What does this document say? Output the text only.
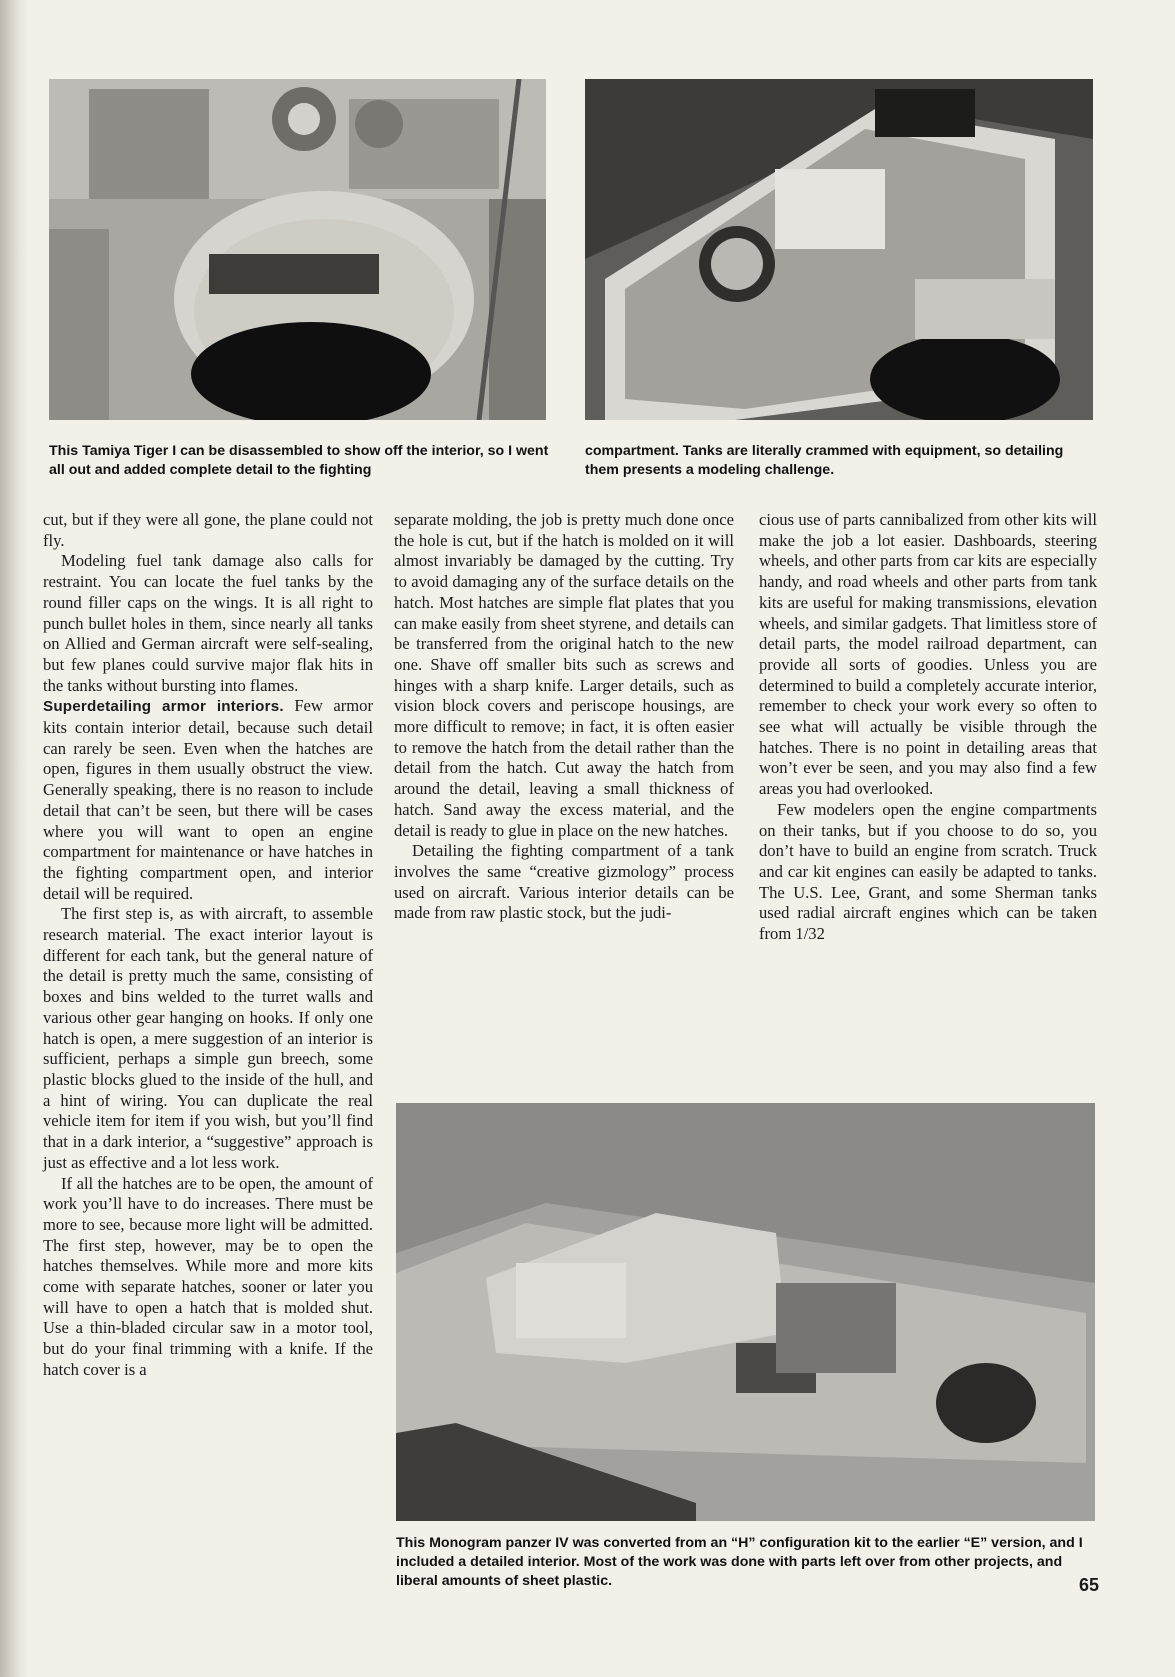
This Tamiya Tiger I can be disassembled to show off the interior, so I went all out and added complete detail to the fighting

compartment. Tanks are literally crammed with equipment, so detailing them presents a modeling challenge.

cut, but if they were all gone, the plane could not fly.

Modeling fuel tank damage also calls for restraint. You can locate the fuel tanks by the round filler caps on the wings. It is all right to punch bullet holes in them, since nearly all tanks on Allied and German aircraft were self-sealing, but few planes could survive major flak hits in the tanks without bursting into flames.

Superdetailing armor interiors. Few armor kits contain interior detail, because such detail can rarely be seen. Even when the hatches are open, figures in them usually obstruct the view. Generally speaking, there is no reason to include detail that can’t be seen, but there will be cases where you will want to open an engine compartment for maintenance or have hatches in the fighting compartment open, and interior detail will be required.

The first step is, as with aircraft, to assemble research material. The exact interior layout is different for each tank, but the general nature of the detail is pretty much the same, consisting of boxes and bins welded to the turret walls and various other gear hanging on hooks. If only one hatch is open, a mere suggestion of an interior is sufficient, perhaps a simple gun breech, some plastic blocks glued to the inside of the hull, and a hint of wiring. You can duplicate the real vehicle item for item if you wish, but you’ll find that in a dark interior, a “suggestive” approach is just as effective and a lot less work.

If all the hatches are to be open, the amount of work you’ll have to do increases. There must be more to see, because more light will be admitted. The first step, however, may be to open the hatches themselves. While more and more kits come with separate hatches, sooner or later you will have to open a hatch that is molded shut. Use a thin-bladed circular saw in a motor tool, but do your final trimming with a knife. If the hatch cover is a

separate molding, the job is pretty much done once the hole is cut, but if the hatch is molded on it will almost invariably be damaged by the cutting. Try to avoid damaging any of the surface details on the hatch. Most hatches are simple flat plates that you can make easily from sheet styrene, and details can be transferred from the original hatch to the new one. Shave off smaller bits such as screws and hinges with a sharp knife. Larger details, such as vision block covers and periscope housings, are more difficult to remove; in fact, it is often easier to remove the hatch from the detail rather than the detail from the hatch. Cut away the hatch from around the detail, leaving a small thickness of hatch. Sand away the excess material, and the detail is ready to glue in place on the new hatches.

Detailing the fighting compartment of a tank involves the same “creative gizmology” process used on aircraft. Various interior details can be made from raw plastic stock, but the judi-

cious use of parts cannibalized from other kits will make the job a lot easier. Dashboards, steering wheels, and other parts from car kits are especially handy, and road wheels and other parts from tank kits are useful for making transmissions, elevation wheels, and similar gadgets. That limitless store of detail parts, the model railroad department, can provide all sorts of goodies. Unless you are determined to build a completely accurate interior, remember to check your work every so often to see what will actually be visible through the hatches. There is no point in detailing areas that won’t ever be seen, and you may also find a few areas you had overlooked.

Few modelers open the engine compartments on their tanks, but if you choose to do so, you don’t have to build an engine from scratch. Truck and car kit engines can easily be adapted to tanks. The U.S. Lee, Grant, and some Sherman tanks used radial aircraft engines which can be taken from 1/32

This Monogram panzer IV was converted from an “H” configuration kit to the earlier “E” version, and I included a detailed interior. Most of the work was done with parts left over from other projects, and liberal amounts of sheet plastic.	65
